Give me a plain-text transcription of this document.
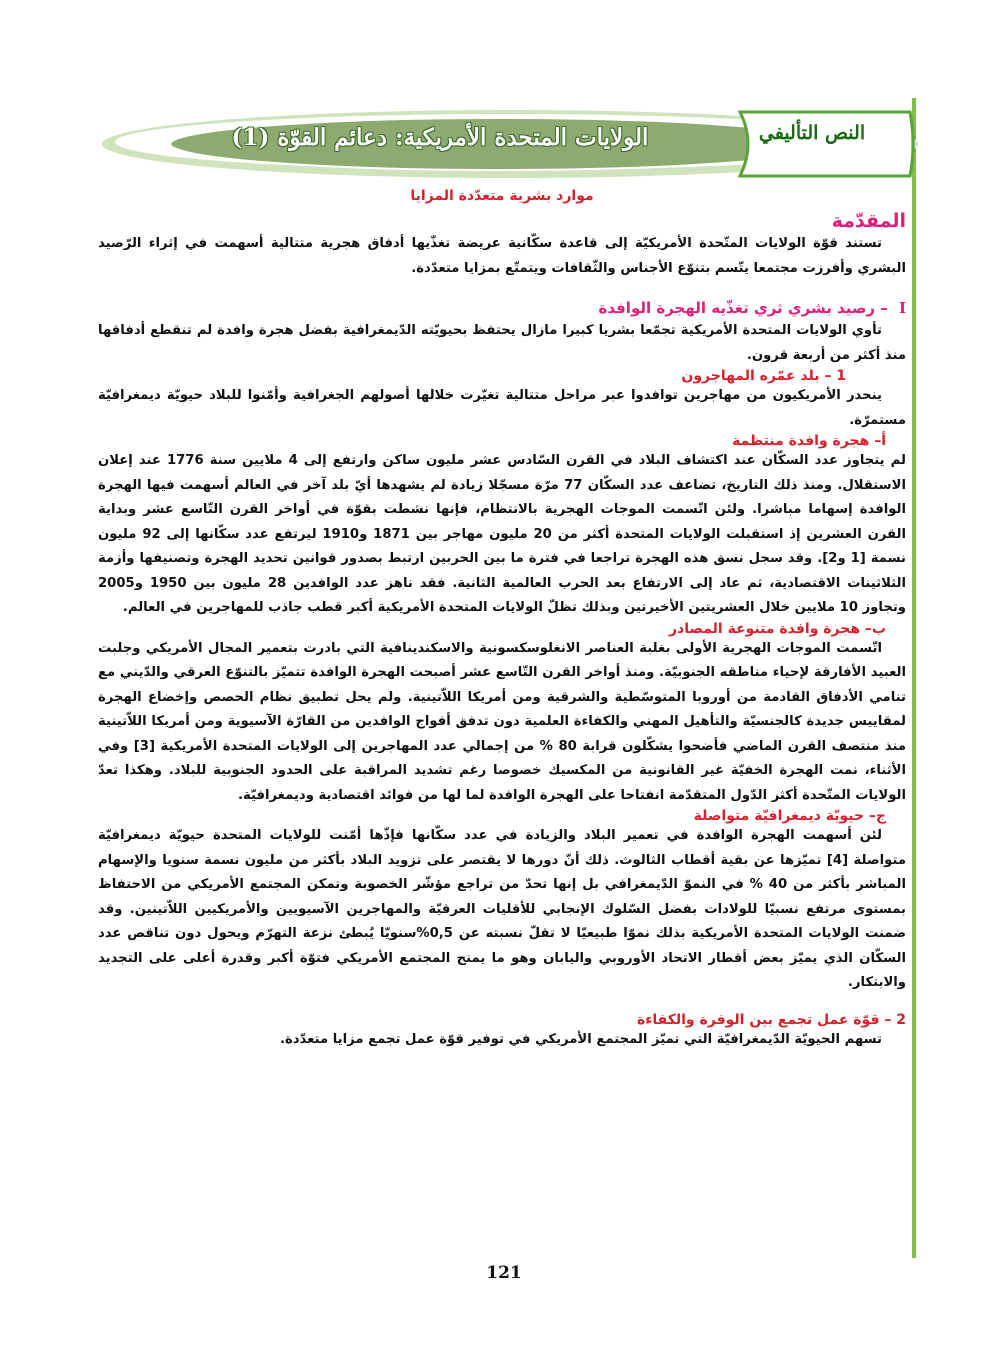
النص التأليفي
الولايات المتحدة الأمريكية: دعائم القوّة (1)
موارد بشرية متعدّدة المزايا
المقدّمة

تستند قوّة الولايات المتّحدة الأمريكيّة إلى قاعدة سكّانية عريضة تغذّيها أدفاق هجرية متتالية أسهمت في إثراء الرّصيد البشري وأفرزت مجتمعا يتّسم بتنوّع الأجناس والثّقافات ويتمتّع بمزايا متعدّدة.

I – رصيد بشري ثري تغذّيه الهجرة الوافدة

تأوي الولايات المتحدة الأمريكية تجمّعا بشريا كبيرا مازال يحتفظ بحيويّته الدّيمغرافية بفضل هجرة وافدة لم تنقطع أدفاقها منذ أكثر من أربعة قرون.

1 – بلد عمّره المهاجرون

ينحدر الأمريكيون من مهاجرين توافدوا عبر مراحل متتالية تغيّرت خلالها أصولهم الجغرافية وأمّنوا للبلاد حيويّة ديمغرافيّة مستمرّة.

أ– هجرة وافدة منتظمة

لم يتجاوز عدد السكّان عند اكتشاف البلاد في القرن السّادس عشر مليون ساكن وارتفع إلى 4 ملايين سنة 1776 عند إعلان الاستقلال. ومنذ ذلك التاريخ، تضاعف عدد السكّان 77 مرّة مسجّلا زيادة لم يشهدها أيّ بلد آخر في العالم أسهمت فيها الهجرة الوافدة إسهاما مباشرا. ولئن اتّسمت الموجات الهجرية بالانتظام، فإنها نشطت بقوّة في أواخر القرن التّاسع عشر وبداية القرن العشرين إذ استقبلت الولايات المتحدة أكثر من 20 مليون مهاجر بين 1871 و1910 ليرتفع عدد سكّانها إلى 92 مليون نسمة [1 و2]. وقد سجل نسق هذه الهجرة تراجعا في فترة ما بين الحربين ارتبط بصدور قوانين تحديد الهجرة وتصنيفها وأزمة الثلاثينات الاقتصادية، ثم عاد إلى الارتفاع بعد الحرب العالمية الثانية. فقد ناهز عدد الوافدين 28 مليون بين 1950 و2005 وتجاوز 10 ملايين خلال العشريتين الأخيرتين وبذلك تظلّ الولايات المتحدة الأمريكية أكبر قطب جاذب للمهاجرين في العالم.

ب– هجرة وافدة متنوعة المصادر

اتّسمت الموجات الهجرية الأولى بغلبة العناصر الانغلوسكسونية والاسكندينافية التي بادرت بتعمير المجال الأمريكي وجلبت العبيد الأفارقة لإحياء مناطقه الجنوبيّة. ومنذ أواخر القرن التّاسع عشر أصبحت الهجرة الوافدة تتميّز بالتنوّع العرقي والدّيني مع تنامي الأدفاق القادمة من أوروبا المتوسّطية والشرقية ومن أمريكا اللاّتينية. ولم يحل تطبيق نظام الحصص وإخضاع الهجرة لمقاييس جديدة كالجنسيّة والتأهيل المهني والكفاءة العلمية دون تدفق أفواج الوافدين من القارّة الآسيوية ومن أمريكا اللاّتينية منذ منتصف القرن الماضي فأضحوا يشكّلون قرابة 80 % من إجمالي عدد المهاجرين إلى الولايات المتحدة الأمريكية [3] وفي الأثناء، نمت الهجرة الخفيّة غير القانونية من المكسيك خصوصا رغم تشديد المراقبة على الحدود الجنوبية للبلاد. وهكذا تعدّ الولايات المتّحدة أكثر الدّول المتقدّمة انفتاحا على الهجرة الوافدة لما لها من فوائد اقتصادية وديمغرافيّة.

ج– حيويّة ديمغرافيّة متواصلة

لئن أسهمت الهجرة الوافدة في تعمير البلاد والزيادة في عدد سكّانها فإذّها أمّنت للولايات المتحدة حيويّة ديمغرافيّة متواصلة [4] تميّزها عن بقية أقطاب الثالوث. ذلك أنّ دورها لا يقتصر على تزويد البلاد بأكثر من مليون نسمة سنويا والإسهام المباشر بأكثر من 40 % في النموّ الدّيمغرافي بل إنها تحدّ من تراجع مؤشّر الخصوبة وتمكن المجتمع الأمريكي من الاحتفاظ بمستوى مرتفع نسبيّا للولادات بفضل السّلوك الإنجابي للأقليات العرقيّة والمهاجرين الآسيويين والأمريكيين اللاّتينين. وقد ضمنت الولايات المتحدة الأمريكية بذلك نموّا طبيعيّا لا تقلّ نسبته عن 0,5%سنويّا يُبطئ نزعة التهرّم ويحول دون تناقص عدد السكّان الذي يميّز بعض أقطار الاتحاد الأوروبي واليابان وهو ما يمنح المجتمع الأمريكي فتوّة أكبر وقدرة أعلى على التجديد والابتكار.

2 – قوّة عمل تجمع بين الوفرة والكفاءة

تسهم الحيويّة الدّيمغرافيّة التي تميّز المجتمع الأمريكي في توفير قوّة عمل تجمع مزايا متعدّدة.

121
